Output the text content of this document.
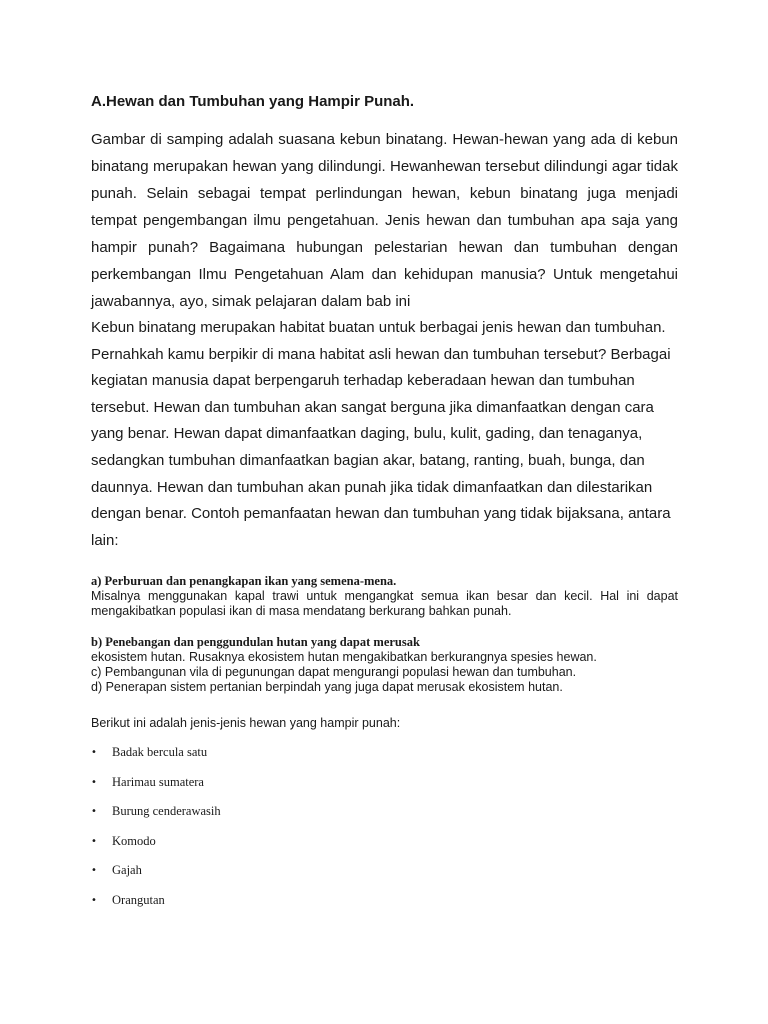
A.Hewan dan Tumbuhan yang Hampir Punah.

Gambar di samping adalah suasana kebun binatang. Hewan-hewan yang ada di kebun binatang merupakan hewan yang dilindungi. Hewanhewan tersebut dilindungi agar tidak punah. Selain sebagai tempat perlindungan hewan, kebun binatang juga menjadi tempat pengembangan ilmu pengetahuan. Jenis hewan dan tumbuhan apa saja yang hampir punah? Bagaimana hubungan pelestarian hewan dan tumbuhan dengan perkembangan Ilmu Pengetahuan Alam dan kehidupan manusia? Untuk mengetahui jawabannya, ayo, simak pelajaran dalam bab ini

Kebun binatang merupakan habitat buatan untuk berbagai jenis hewan dan tumbuhan. Pernahkah kamu berpikir di mana habitat asli hewan dan tumbuhan tersebut? Berbagai kegiatan manusia dapat berpengaruh terhadap keberadaan hewan dan tumbuhan tersebut. Hewan dan tumbuhan akan sangat berguna jika dimanfaatkan dengan cara yang benar. Hewan dapat dimanfaatkan daging, bulu, kulit, gading, dan tenaganya, sedangkan tumbuhan dimanfaatkan bagian akar, batang, ranting, buah, bunga, dan daunnya. Hewan dan tumbuhan akan punah jika tidak dimanfaatkan dan dilestarikan dengan benar. Contoh pemanfaatan hewan dan tumbuhan yang tidak bijaksana, antara lain:

a) Perburuan dan penangkapan ikan yang semena-mena.

Misalnya menggunakan kapal trawi untuk mengangkat semua ikan besar dan kecil. Hal ini dapat mengakibatkan populasi ikan di masa mendatang berkurang bahkan punah.

b) Penebangan dan penggundulan hutan yang dapat merusak

ekosistem hutan. Rusaknya ekosistem hutan mengakibatkan berkurangnya spesies hewan.

c) Pembangunan vila di pegunungan dapat mengurangi populasi hewan dan tumbuhan.

d) Penerapan sistem pertanian berpindah yang juga dapat merusak ekosistem hutan.

Berikut ini adalah jenis-jenis hewan yang hampir punah:

• Badak bercula satu
• Harimau sumatera
• Burung cenderawasih
• Komodo
• Gajah
• Orangutan
